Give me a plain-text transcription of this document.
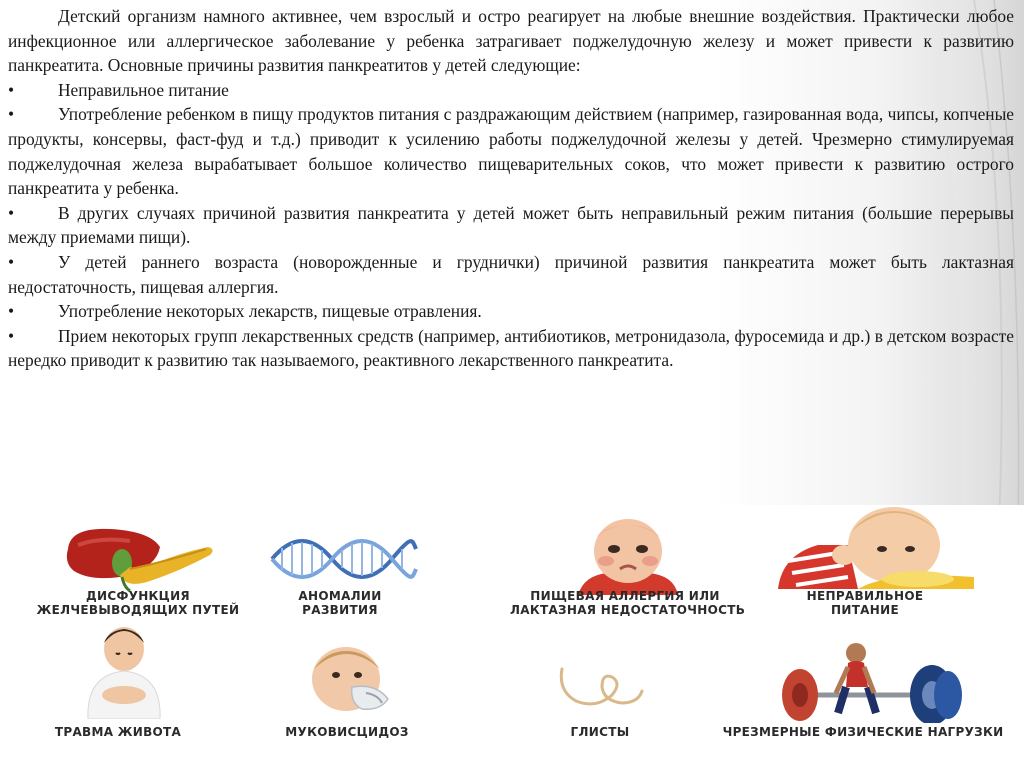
Детский организм намного активнее, чем взрослый и остро реагирует на любые внешние воздействия. Практически любое инфекционное или аллергическое заболевание у ребенка затрагивает поджелудочную железу и может привести к развитию панкреатита. Основные причины развития панкреатитов у детей следующие:

•	Неправильное питание

•	Употребление ребенком в пищу продуктов питания с раздражающим действием (например, газированная вода, чипсы, копченые продукты, консервы, фаст-фуд и т.д.) приводит к усилению работы поджелудочной железы у детей. Чрезмерно стимулируемая поджелудочная железа вырабатывает большое количество пищеварительных соков, что может привести к развитию острого панкреатита у ребенка.

•	В других случаях причиной развития панкреатита у детей может быть неправильный режим питания (большие перерывы между приемами пищи).

•	У детей раннего возраста (новорожденные и груднички) причиной развития панкреатита может быть лактазная недостаточность, пищевая аллергия.

•	Употребление некоторых лекарств, пищевые отравления.

•	Прием некоторых групп лекарственных средств (например, антибиотиков, метронидазола, фуросемида и др.) в детском возрасте нередко приводит к развитию так называемого, реактивного лекарственного панкреатита.

ДИСФУНКЦИЯ
ЖЕЛЧЕВЫВОДЯЩИХ ПУТЕЙ
АНОМАЛИИ
РАЗВИТИЯ
ПИЩЕВАЯ АЛЛЕРГИЯ ИЛИ
ЛАКТАЗНАЯ НЕДОСТАТОЧНОСТЬ
НЕПРАВИЛЬНОЕ
ПИТАНИЕ
ТРАВМА ЖИВОТА	МУКОВИСЦИДОЗ	ГЛИСТЫ	ЧРЕЗМЕРНЫЕ ФИЗИЧЕСКИЕ НАГРУЗКИ
